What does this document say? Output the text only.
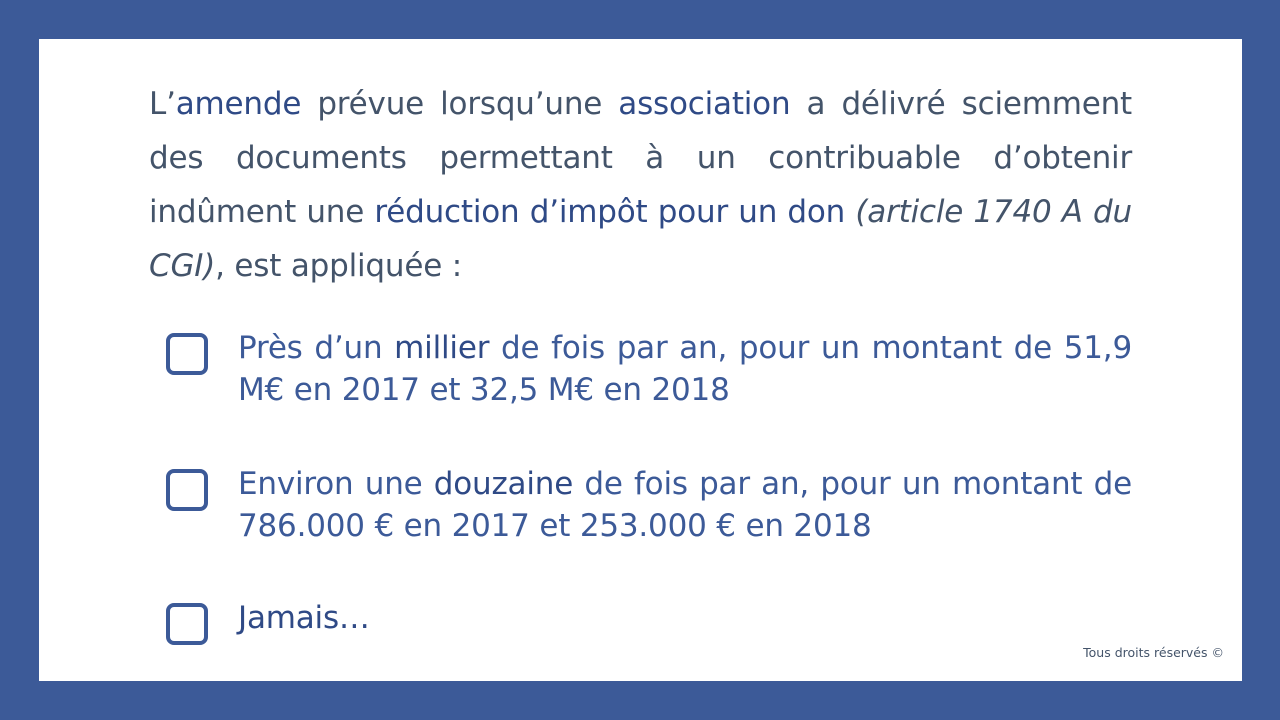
L’amende prévue lorsqu’une association a délivré sciemment des documents permettant à un contribuable d’obtenir indûment une réduction d’impôt pour un don (article 1740 A du CGI), est appliquée :
Près d’un millier de fois par an, pour un montant de 51,9 M€ en 2017 et 32,5 M€ en 2018
Environ une douzaine de fois par an, pour un montant de 786.000 € en 2017 et 253.000 € en 2018
Jamais…
Tous droits réservés ©
